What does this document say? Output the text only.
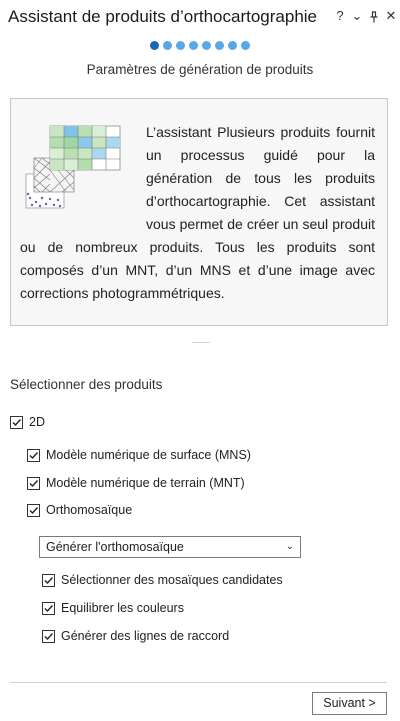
Assistant de produits d’orthocartographie ? ⌄ ✕

Paramètres de génération de produits
L’assistant Plusieurs produits fournit un processus guidé pour la génération de tous les produits d’orthocartographie. Cet assistant vous permet de créer un seul produit ou de nombreux produits. Tous les produits sont composés d’un MNT, d’un MNS et d’une image avec corrections photogrammétriques.
Sélectionner des produits
2D
Modèle numérique de surface (MNS)
Modèle numérique de terrain (MNT)
Orthomosaïque
Générer l'orthomosaïque	⌄
Sélectionner des mosaïques candidates
Equilibrer les couleurs
Générer des lignes de raccord
Suivant >
